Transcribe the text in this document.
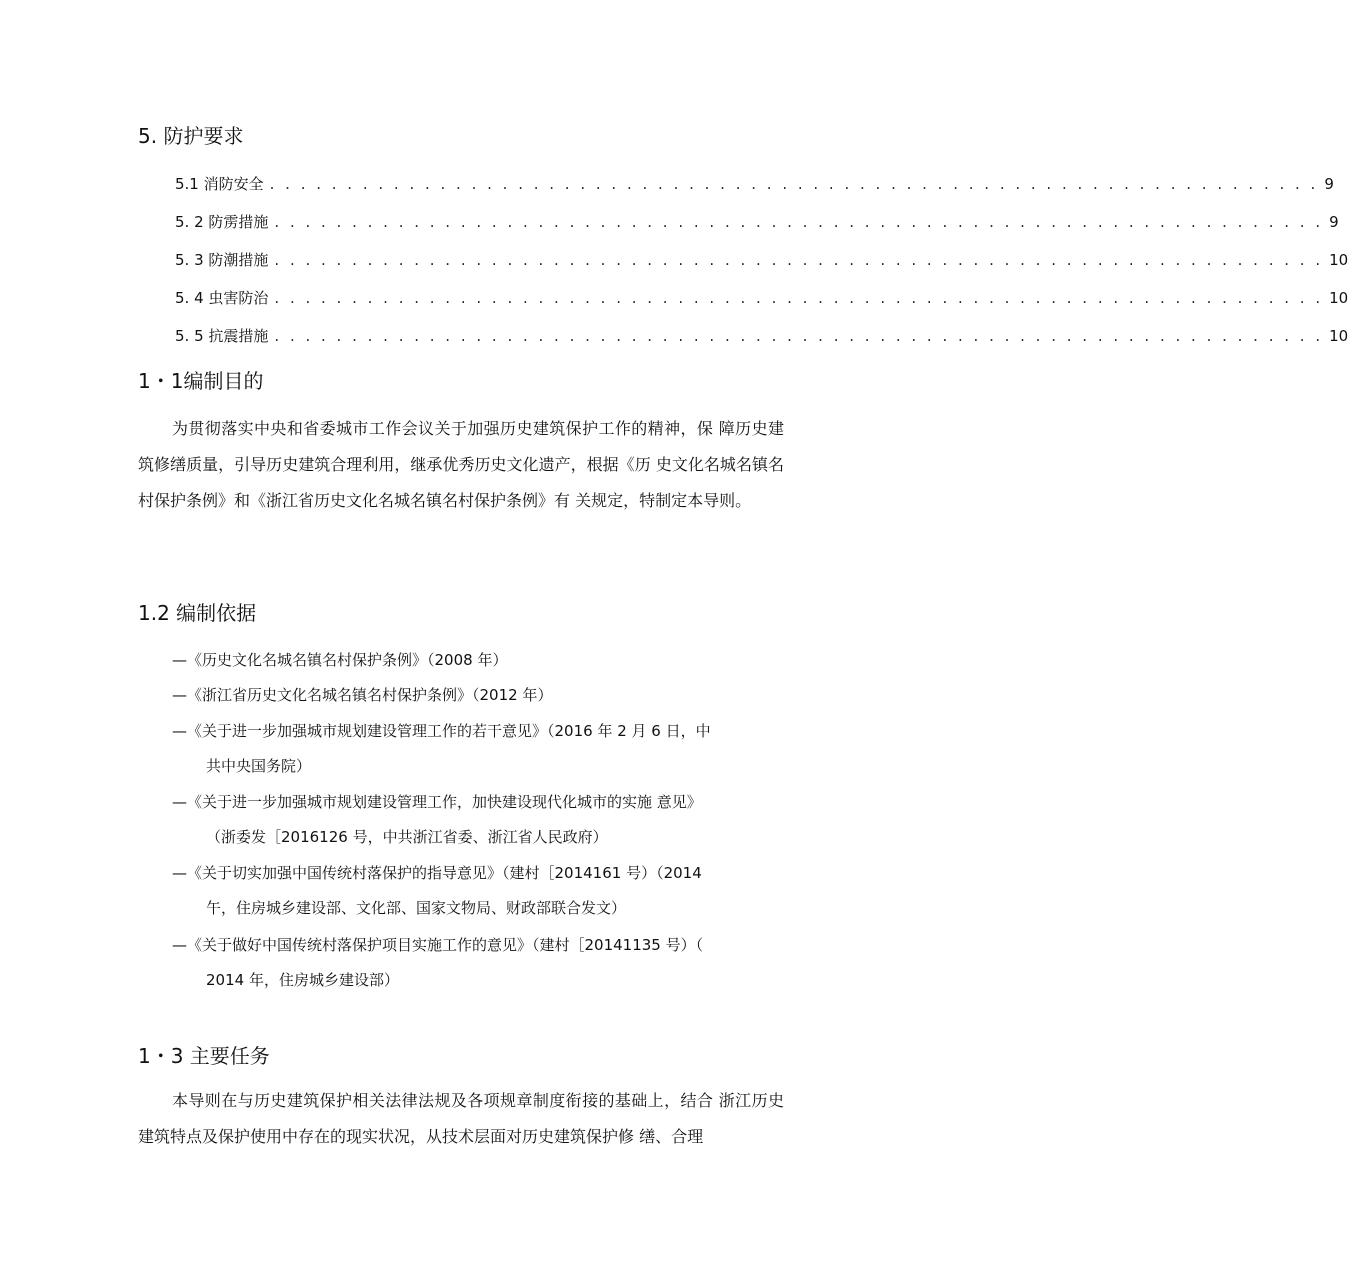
5. 防护要求
5.1 消防安全 . . . . . . . . . . . . . . . . . . . . . . . . . . . . . . . . . . . . . . . . . . . . . . . . . . . . . . . . . . . . . . . . . . . . 9
5. 2 防雳措施 . . . . . . . . . . . . . . . . . . . . . . . . . . . . . . . . . . . . . . . . . . . . . . . . . . . . . . . . . . . . . . . . . . . . 9
5. 3 防潮措施 . . . . . . . . . . . . . . . . . . . . . . . . . . . . . . . . . . . . . . . . . . . . . . . . . . . . . . . . . . . . . . . . . . . . 10
5. 4 虫害防治 . . . . . . . . . . . . . . . . . . . . . . . . . . . . . . . . . . . . . . . . . . . . . . . . . . . . . . . . . . . . . . . . . . . . 10
5. 5 抗震措施 . . . . . . . . . . . . . . . . . . . . . . . . . . . . . . . . . . . . . . . . . . . . . . . . . . . . . . . . . . . . . . . . . . . . 10
1・1编制目的

为贯彻落实中央和省委城市工作会议关于加强历史建筑保护工作的精神，保 障历史建筑修缮质量，引导历史建筑合理利用，继承优秀历史文化遗产，根据《历 史文化名城名镇名村保护条例》和《浙江省历史文化名城名镇名村保护条例》有 关规定，特制定本导则。

1.2 编制依据
—《历史文化名城名镇名村保护条例》（2008 年）
—《浙江省历史文化名城名镇名村保护条例》（2012 年）
—《关于进一步加强城市规划建设管理工作的若干意见》（2016 年 2 月 6 日，中
共中央国务院）
—《关于进一步加强城市规划建设管理工作，加快建设现代化城市的实施 意见》
（浙委发［2016126 号，中共浙江省委、浙江省人民政府）
—《关于切实加强中国传统村落保护的指导意见》（建村［2014161 号）（2014
午，住房城乡建设部、文化部、国家文物局、财政部联合发文）
—《关于做好中国传统村落保护项目实施工作的意见》（建村［20141135 号）（
2014 年，住房城乡建设部）
1・3 主要任务

本导则在与历史建筑保护相关法律法规及各项规章制度衔接的基础上，结合 浙江历史建筑特点及保护使用中存在的现实状况，从技术层面对历史建筑保护修 缮、合理
